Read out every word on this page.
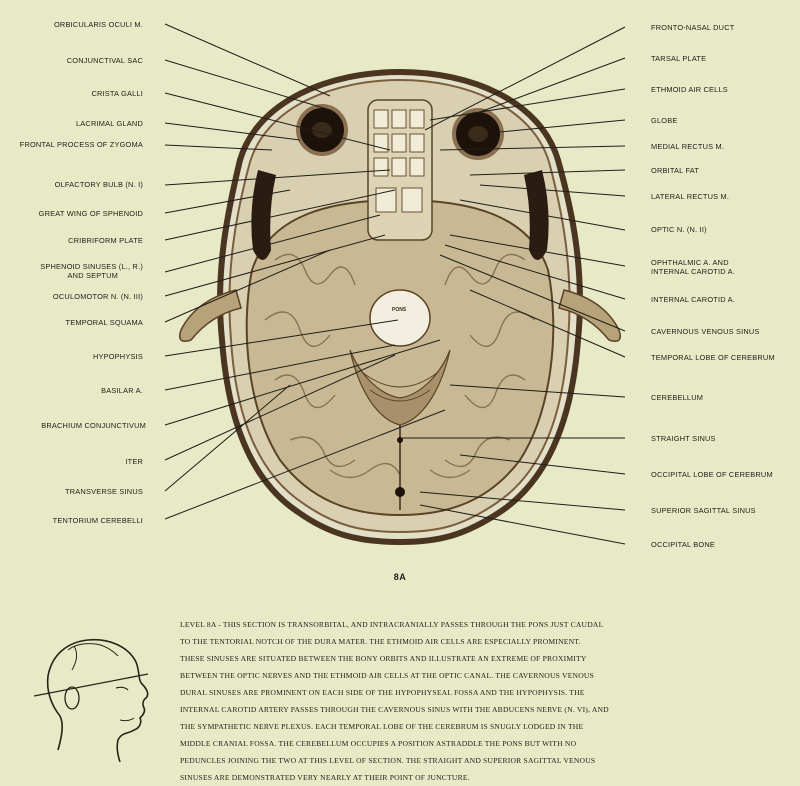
PONS
ORBICULARIS OCULI M.
CONJUNCTIVAL SAC
CRISTA GALLI
LACRIMAL GLAND
FRONTAL PROCESS OF ZYGOMA
OLFACTORY BULB (N. I)
GREAT WING OF SPHENOID
CRIBRIFORM PLATE
SPHENOID SINUSES (L., R.)
AND SEPTUM
OCULOMOTOR N. (N. III)
TEMPORAL SQUAMA
HYPOPHYSIS
BASILAR A.
BRACHIUM CONJUNCTIVUM
ITER
TRANSVERSE SINUS
TENTORIUM CEREBELLI
FRONTO-NASAL DUCT
TARSAL PLATE
ETHMOID AIR CELLS
GLOBE
MEDIAL RECTUS M.
ORBITAL FAT
LATERAL RECTUS M.
OPTIC N. (N. II)
OPHTHALMIC A. AND
INTERNAL CAROTID A.
INTERNAL CAROTID A.
CAVERNOUS VENOUS SINUS
TEMPORAL LOBE OF CEREBRUM
CEREBELLUM
STRAIGHT SINUS
OCCIPITAL LOBE OF CEREBRUM
SUPERIOR SAGITTAL SINUS
OCCIPITAL BONE
8A
LEVEL 8A - THIS SECTION IS TRANSORBITAL, AND INTRACRANIALLY PASSES THROUGH THE PONS JUST CAUDAL
TO THE TENTORIAL NOTCH OF THE DURA MATER. THE ETHMOID AIR CELLS ARE ESPECIALLY PROMINENT.
THESE SINUSES ARE SITUATED BETWEEN THE BONY ORBITS AND ILLUSTRATE AN EXTREME OF PROXIMITY
BETWEEN THE OPTIC NERVES AND THE ETHMOID AIR CELLS AT THE OPTIC CANAL. THE CAVERNOUS VENOUS
DURAL SINUSES ARE PROMINENT ON EACH SIDE OF THE HYPOPHYSEAL FOSSA AND THE HYPOPHYSIS. THE
INTERNAL CAROTID ARTERY PASSES THROUGH THE CAVERNOUS SINUS WITH THE ABDUCENS NERVE (N. VI), AND
THE SYMPATHETIC NERVE PLEXUS. EACH TEMPORAL LOBE OF THE CEREBRUM IS SNUGLY LODGED IN THE
MIDDLE CRANIAL FOSSA. THE CEREBELLUM OCCUPIES A POSITION ASTRADDLE THE PONS BUT WITH NO
PEDUNCLES JOINING THE TWO AT THIS LEVEL OF SECTION. THE STRAIGHT AND SUPERIOR SAGITTAL VENOUS
SINUSES ARE DEMONSTRATED VERY NEARLY AT THEIR POINT OF JUNCTURE.
